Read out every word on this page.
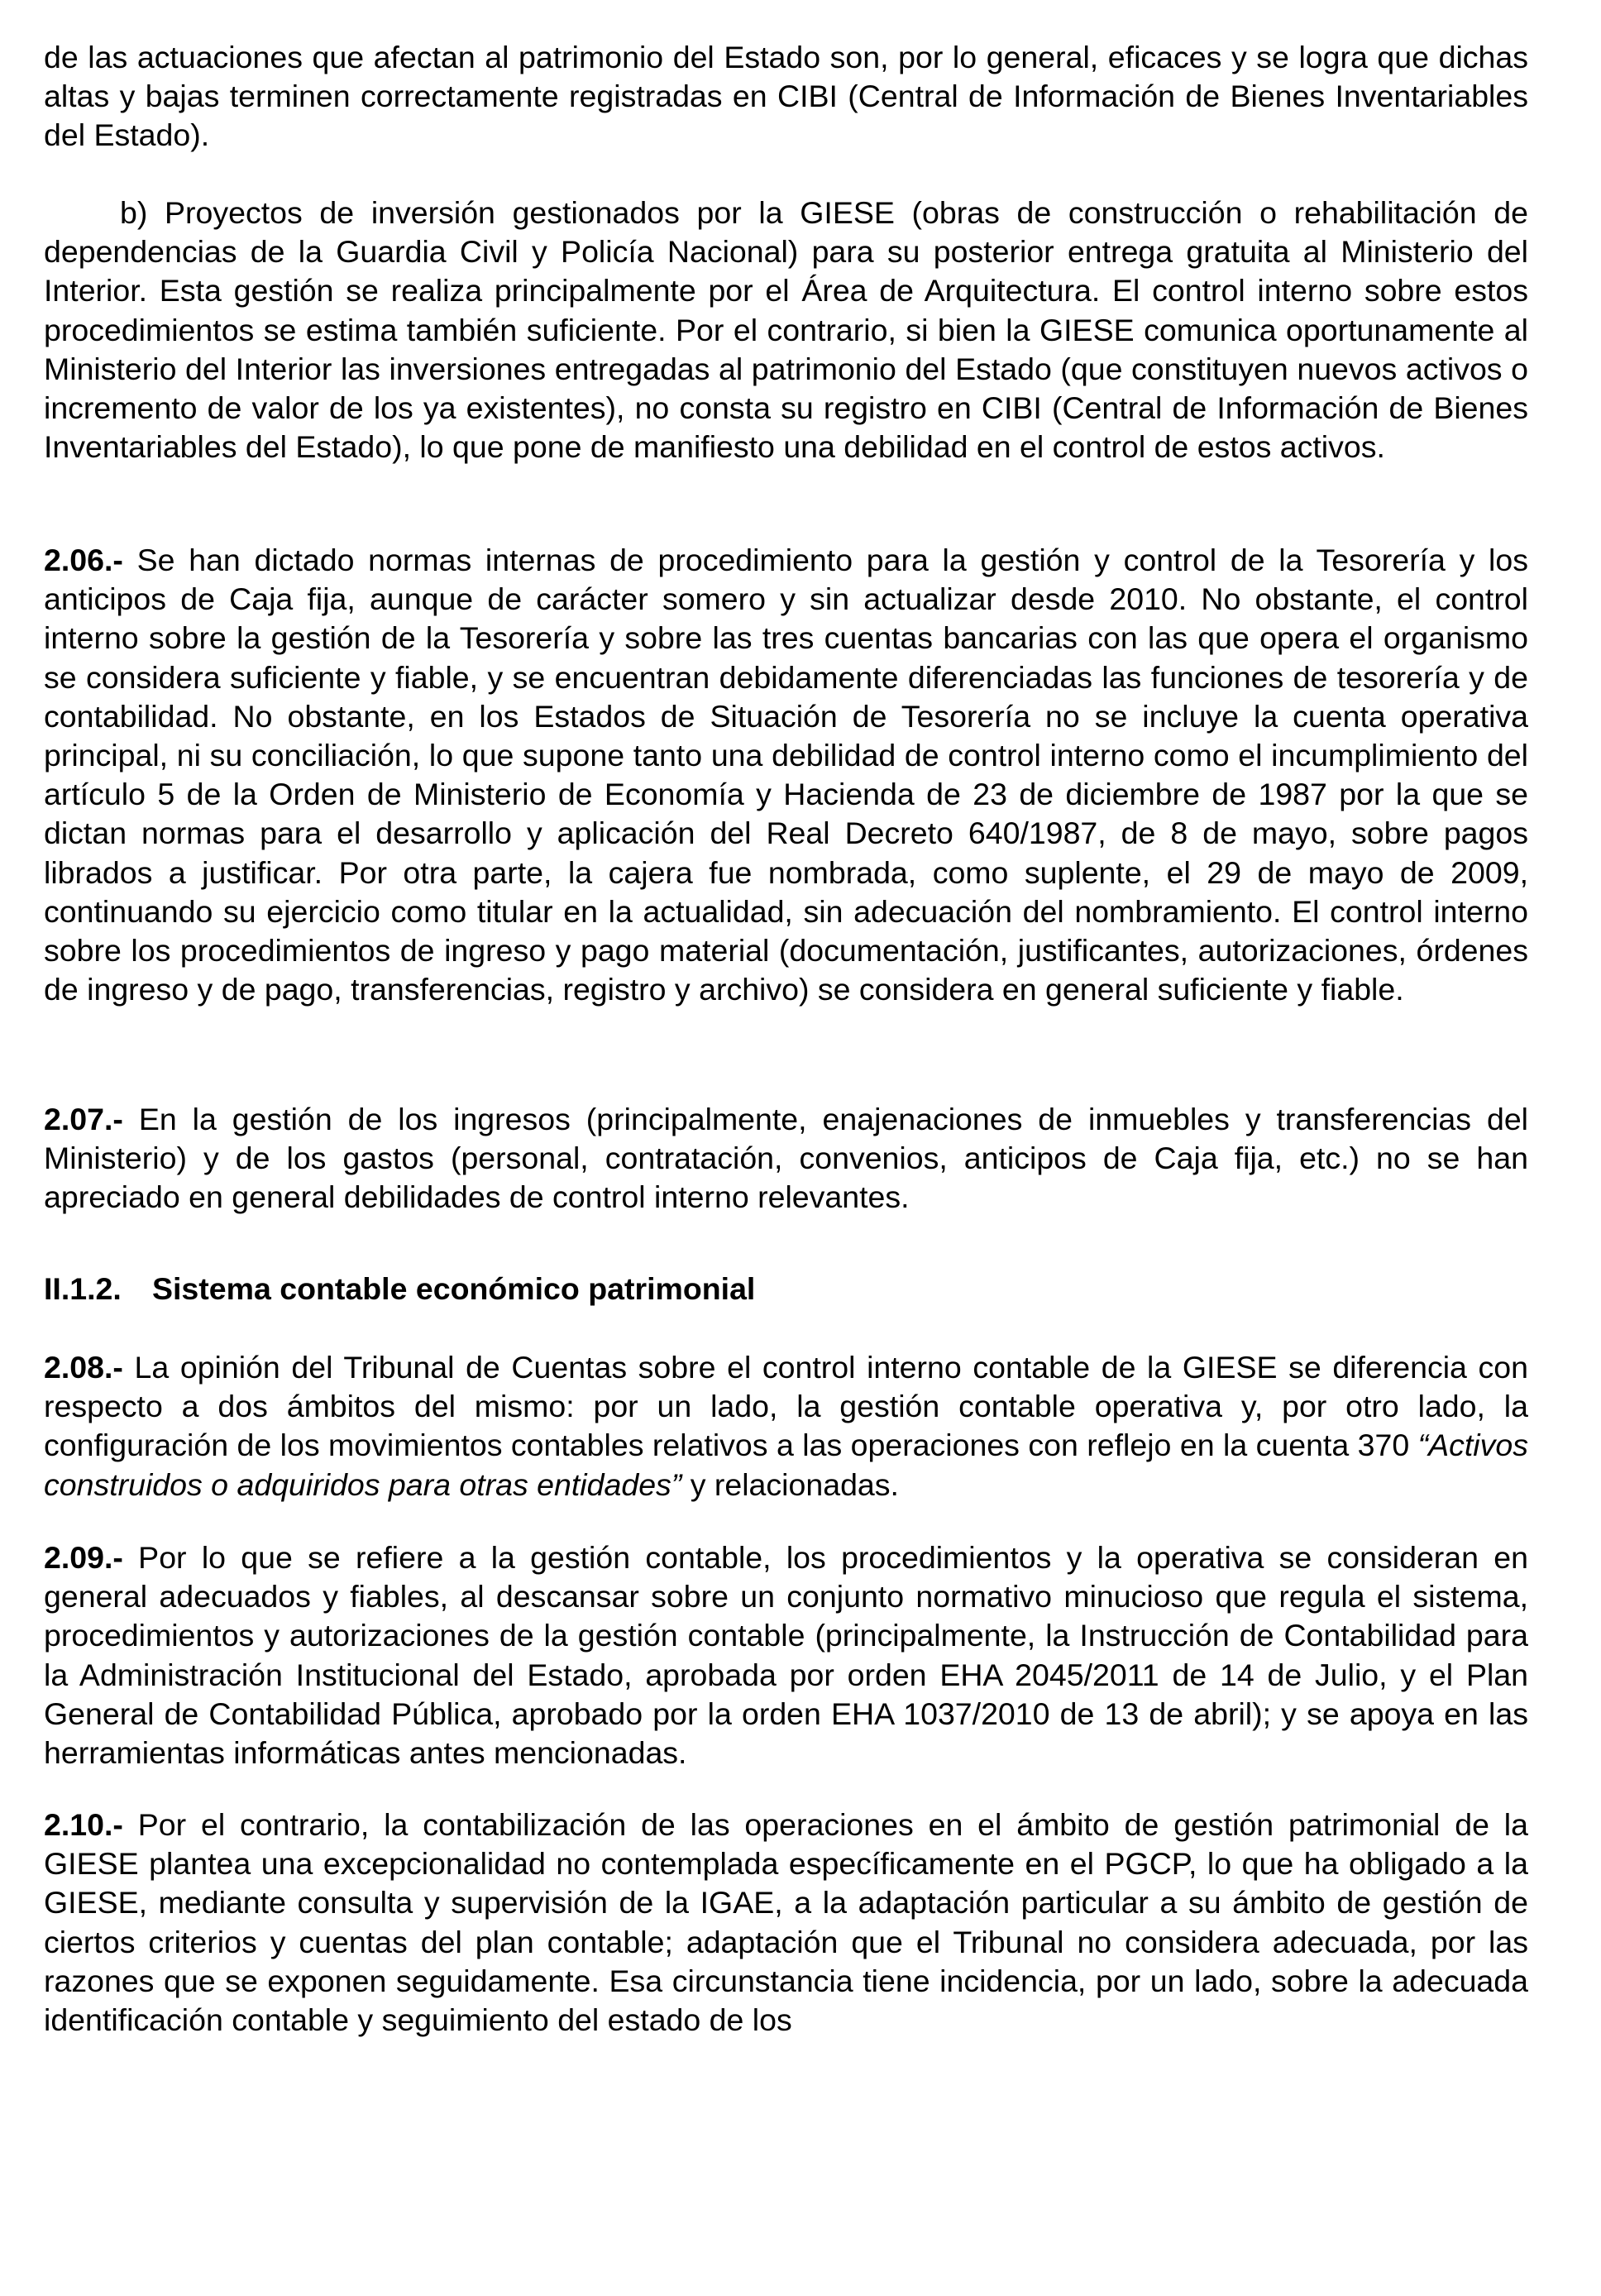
de las actuaciones que afectan al patrimonio del Estado son, por lo general, eficaces y se logra que dichas altas y bajas terminen correctamente registradas en CIBI (Central de Información de Bienes Inventariables del Estado).

b) Proyectos de inversión gestionados por la GIESE (obras de construcción o rehabilitación de dependencias de la Guardia Civil y Policía Nacional) para su posterior entrega gratuita al Ministerio del Interior. Esta gestión se realiza principalmente por el Área de Arquitectura. El control interno sobre estos procedimientos se estima también suficiente. Por el contrario, si bien la GIESE comunica oportunamente al Ministerio del Interior las inversiones entregadas al patrimonio del Estado (que constituyen nuevos activos o incremento de valor de los ya existentes), no consta su registro en CIBI (Central de Información de Bienes Inventariables del Estado), lo que pone de manifiesto una debilidad en el control de estos activos.

2.06.- Se han dictado normas internas de procedimiento para la gestión y control de la Tesorería y los anticipos de Caja fija, aunque de carácter somero y sin actualizar desde 2010. No obstante, el control interno sobre la gestión de la Tesorería y sobre las tres cuentas bancarias con las que opera el organismo se considera suficiente y fiable, y se encuentran debidamente diferenciadas las funciones de tesorería y de contabilidad. No obstante, en los Estados de Situación de Tesorería no se incluye la cuenta operativa principal, ni su conciliación, lo que supone tanto una debilidad de control interno como el incumplimiento del artículo 5 de la Orden de Ministerio de Economía y Hacienda de 23 de diciembre de 1987 por la que se dictan normas para el desarrollo y aplicación del Real Decreto 640/1987, de 8 de mayo, sobre pagos librados a justificar. Por otra parte, la cajera fue nombrada, como suplente, el 29 de mayo de 2009, continuando su ejercicio como titular en la actualidad, sin adecuación del nombramiento. El control interno sobre los procedimientos de ingreso y pago material (documentación, justificantes, autorizaciones, órdenes de ingreso y de pago, transferencias, registro y archivo) se considera en general suficiente y fiable.

2.07.- En la gestión de los ingresos (principalmente, enajenaciones de inmuebles y transferencias del Ministerio) y de los gastos (personal, contratación, convenios, anticipos de Caja fija, etc.) no se han apreciado en general debilidades de control interno relevantes.

II.1.2. Sistema contable económico patrimonial

2.08.- La opinión del Tribunal de Cuentas sobre el control interno contable de la GIESE se diferencia con respecto a dos ámbitos del mismo: por un lado, la gestión contable operativa y, por otro lado, la configuración de los movimientos contables relativos a las operaciones con reflejo en la cuenta 370 “Activos construidos o adquiridos para otras entidades” y relacionadas.

2.09.- Por lo que se refiere a la gestión contable, los procedimientos y la operativa se consideran en general adecuados y fiables, al descansar sobre un conjunto normativo minucioso que regula el sistema, procedimientos y autorizaciones de la gestión contable (principalmente, la Instrucción de Contabilidad para la Administración Institucional del Estado, aprobada por orden EHA 2045/2011 de 14 de Julio, y el Plan General de Contabilidad Pública, aprobado por la orden EHA 1037/2010 de 13 de abril); y se apoya en las herramientas informáticas antes mencionadas.

2.10.- Por el contrario, la contabilización de las operaciones en el ámbito de gestión patrimonial de la GIESE plantea una excepcionalidad no contemplada específicamente en el PGCP, lo que ha obligado a la GIESE, mediante consulta y supervisión de la IGAE, a la adaptación particular a su ámbito de gestión de ciertos criterios y cuentas del plan contable; adaptación que el Tribunal no considera adecuada, por las razones que se exponen seguidamente. Esa circunstancia tiene incidencia, por un lado, sobre la adecuada identificación contable y seguimiento del estado de los
